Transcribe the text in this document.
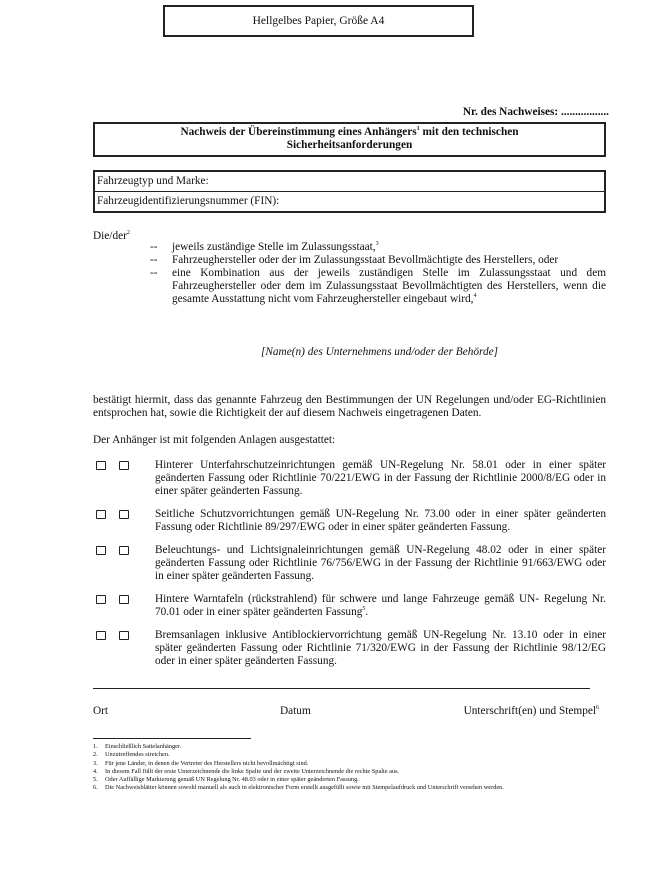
Hellgelbes Papier, Größe A4
Nr. des Nachweises: .................
Nachweis der Übereinstimmung eines Anhängers$^1$ mit den technischen
Sicherheitsanforderungen
Fahrzeugtyp und Marke:
Fahrzeugidentifizierungsnummer (FIN):
Die/der$^2$
--	jeweils zuständige Stelle im Zulassungsstaat,$^3$
--	Fahrzeughersteller oder der im Zulassungsstaat Bevollmächtigte des Herstellers, oder
--	eine Kombination aus der jeweils zuständigen Stelle im Zulassungsstaat und dem Fahrzeughersteller oder dem im Zulassungsstaat Bevollmächtigten des Herstellers, wenn die gesamte Ausstattung nicht vom Fahrzeughersteller eingebaut wird,$^4$
[Name(n) des Unternehmens und/oder der Behörde]
bestätigt hiermit, dass das genannte Fahrzeug den Bestimmungen der UN Regelungen und/oder EG-Richtlinien entsprochen hat, sowie die Richtigkeit der auf diesem Nachweis eingetragenen Daten.
Der Anhänger ist mit folgenden Anlagen ausgestattet:
Hinterer Unterfahrschutzeinrichtungen gemäß UN-Regelung Nr. 58.01 oder in einer später geänderten Fassung oder Richtlinie 70/221/EWG in der Fassung der Richtlinie 2000/8/EG oder in einer später geänderten Fassung.
Seitliche Schutzvorrichtungen gemäß UN-Regelung Nr. 73.00 oder in einer später geänderten Fassung oder Richtlinie 89/297/EWG oder in einer später geänderten Fassung.
Beleuchtungs- und Lichtsignaleinrichtungen gemäß UN-Regelung 48.02 oder in einer später geänderten Fassung oder Richtlinie 76/756/EWG in der Fassung der Richtlinie 91/663/EWG oder in einer später geänderten Fassung.
Hintere Warntafeln (rückstrahlend) für schwere und lange Fahrzeuge gemäß UN- Regelung Nr. 70.01 oder in einer später geänderten Fassung$^5$.
Bremsanlagen inklusive Antiblockiervorrichtung gemäß UN-Regelung Nr. 13.10 oder in einer später geänderten Fassung oder Richtlinie 71/320/EWG in der Fassung der Richtlinie 98/12/EG oder in einer später geänderten Fassung.
Ort	Datum	Unterschrift(en) und Stempel$^6$
1.	Einschließlich Sattelanhänger.
2.	Unzutreffendes streichen.
3.	Für jene Länder, in denen die Vertreter des Herstellers nicht bevollmächtigt sind.
4.	In diesem Fall füllt der erste Unterzeichnende die linke Spalte und der zweite Unterzeichnende die rechte Spalte aus.
5.	Oder Auffällige Markierung gemäß UN Regelung Nr. 48.03 oder in einer später geänderten Fassung.
6.	Die Nachweisblätter können sowohl manuell als auch in elektronischer Form erstellt ausgefüllt sowie mit Stempelaufdruck und Unterschrift versehen werden.
